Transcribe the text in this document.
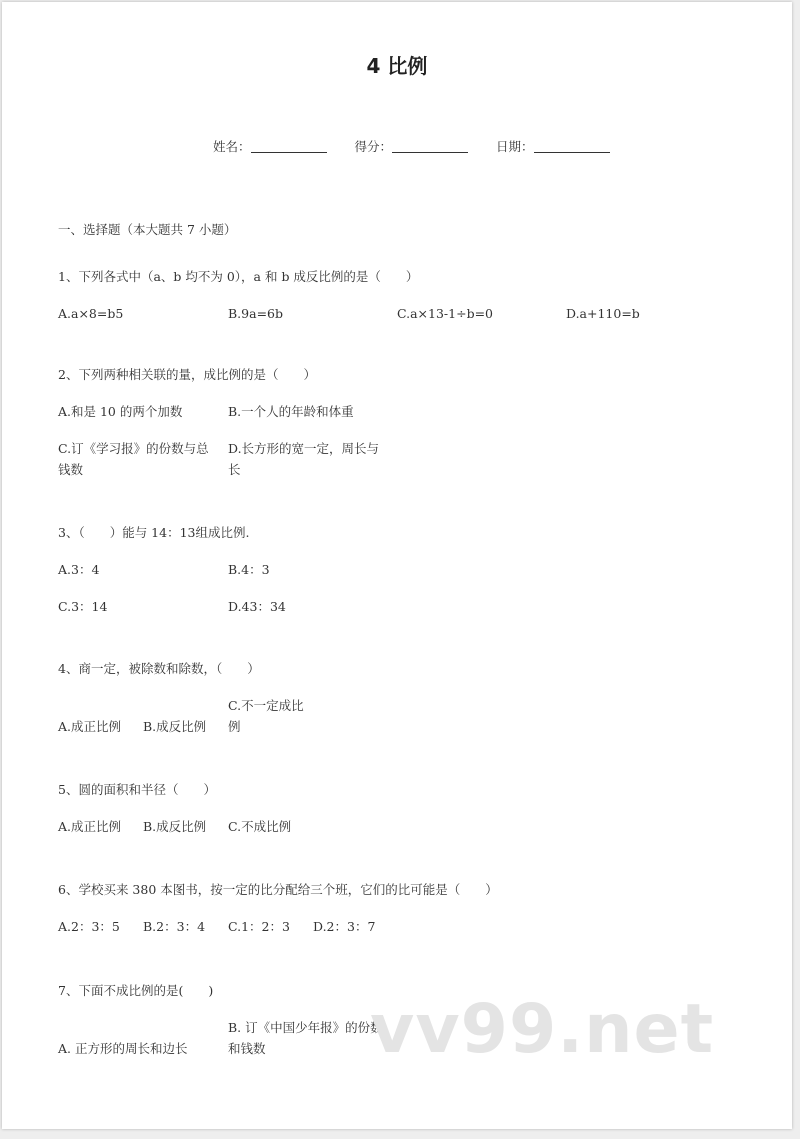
4 比例
姓名：	得分：	日期：
一、选择题（本大题共 7 小题）
1、下列各式中（a、b 均不为 0），a 和 b 成反比例的是（　　）
A.a×8=b5	B.9a=6b	C.a×13-1÷b=0	D.a+110=b
2、下列两种相关联的量，成比例的是（　　）
A.和是 10 的两个加数	B.一个人的年龄和体重
C.订《学习报》的份数与总
钱数
D.长方形的宽一定，周长与
长
3、（　　）能与 14：13组成比例.
A.3：4	B.4：3
C.3：14	D.43：34
4、商一定，被除数和除数，（　　）
C.不一定成比
A.成正比例 B.成反比例 例
5、圆的面积和半径（　　）
A.成正比例 B.成反比例 C.不成比例
6、学校买来 380 本图书，按一定的比分配给三个班，它们的比可能是（　　）
A.2：3：5 B.2：3：4 C.1：2：3 D.2：3：7
7、下面不成比例的是(　　)
B. 订《中国少年报》的份数
A. 正方形的周长和边长	和钱数 vv99.net
